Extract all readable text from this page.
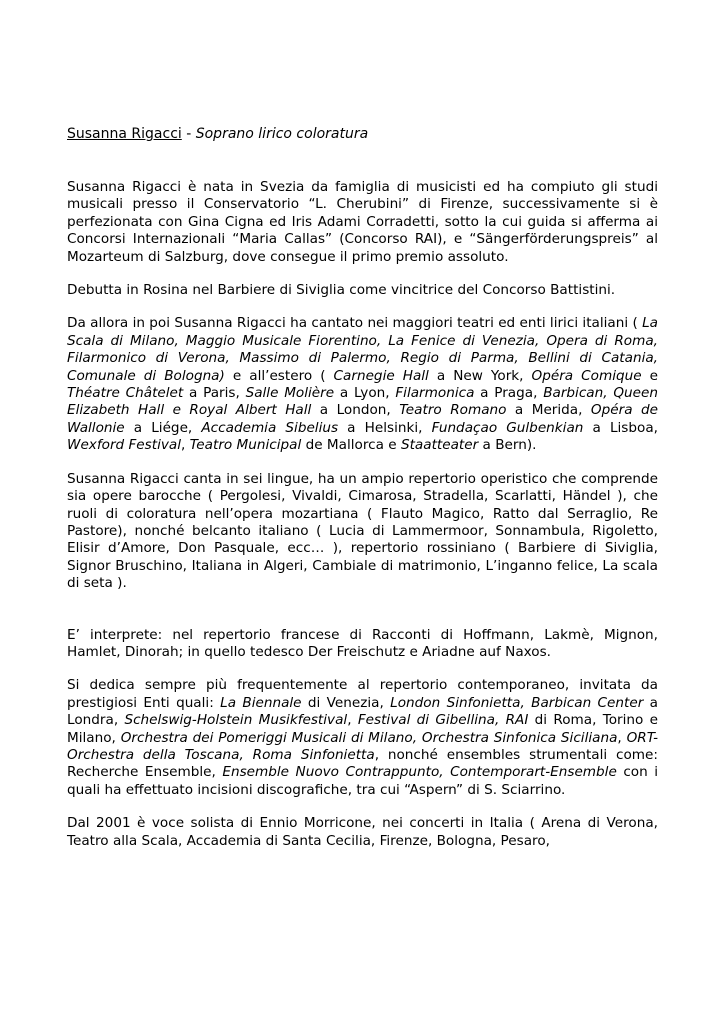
Susanna Rigacci - Soprano lirico coloratura

Susanna Rigacci è nata in Svezia da famiglia di musicisti ed ha compiuto gli studi musicali presso il Conservatorio “L. Cherubini” di Firenze, successivamente si è perfezionata con Gina Cigna ed Iris Adami Corradetti, sotto la cui guida si afferma ai Concorsi Internazionali “Maria Callas” (Concorso RAI), e “Sängerförderungspreis” al Mozarteum di Salzburg, dove consegue il primo premio assoluto.

Debutta in Rosina nel Barbiere di Siviglia come vincitrice del Concorso Battistini.

Da allora in poi Susanna Rigacci ha cantato nei maggiori teatri ed enti lirici italiani ( La Scala di Milano, Maggio Musicale Fiorentino, La Fenice di Venezia, Opera di Roma, Filarmonico di Verona, Massimo di Palermo, Regio di Parma, Bellini di Catania, Comunale di Bologna) e all’estero ( Carnegie Hall a New York, Opéra Comique e Théatre Châtelet a Paris, Salle Molière a Lyon, Filarmonica a Praga, Barbican, Queen Elizabeth Hall e Royal Albert Hall a London, Teatro Romano a Merida, Opéra de Wallonie a Liége, Accademia Sibelius a Helsinki, Fundaçao Gulbenkian a Lisboa, Wexford Festival, Teatro Municipal de Mallorca e Staatteater a Bern).

Susanna Rigacci canta in sei lingue, ha un ampio repertorio operistico che comprende sia opere barocche ( Pergolesi, Vivaldi, Cimarosa, Stradella, Scarlatti, Händel ), che ruoli di coloratura nell’opera mozartiana ( Flauto Magico, Ratto dal Serraglio, Re Pastore), nonché belcanto italiano ( Lucia di Lammermoor, Sonnambula, Rigoletto, Elisir d’Amore, Don Pasquale, ecc… ), repertorio rossiniano ( Barbiere di Siviglia, Signor Bruschino, Italiana in Algeri, Cambiale di matrimonio, L’inganno felice, La scala di seta ).

E’ interprete: nel repertorio francese di Racconti di Hoffmann, Lakmè, Mignon, Hamlet, Dinorah; in quello tedesco Der Freischutz e Ariadne auf Naxos.

Si dedica sempre più frequentemente al repertorio contemporaneo, invitata da prestigiosi Enti quali: La Biennale di Venezia, London Sinfonietta, Barbican Center a Londra, Schelswig-Holstein Musikfestival, Festival di Gibellina, RAI di Roma, Torino e Milano, Orchestra dei Pomeriggi Musicali di Milano, Orchestra Sinfonica Siciliana, ORT-Orchestra della Toscana, Roma Sinfonietta, nonché ensembles strumentali come: Recherche Ensemble, Ensemble Nuovo Contrappunto, Contemporart-Ensemble con i quali ha effettuato incisioni discografiche, tra cui “Aspern” di S. Sciarrino.

Dal 2001 è voce solista di Ennio Morricone, nei concerti in Italia ( Arena di Verona, Teatro alla Scala, Accademia di Santa Cecilia, Firenze, Bologna, Pesaro,
